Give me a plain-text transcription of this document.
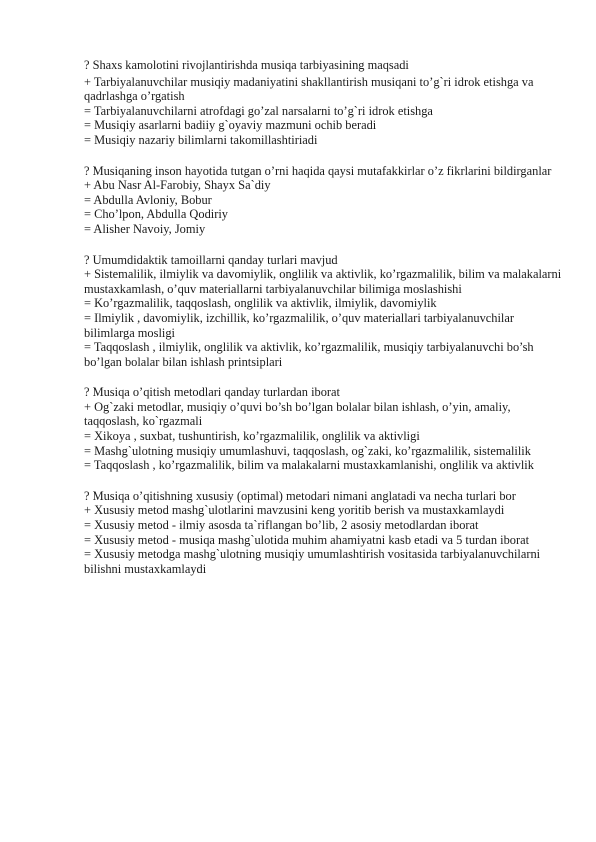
? Shaxs kamolotini rivojlantirishda musiqa tarbiyasining maqsadi

+ Tarbiyalanuvchilar musiqiy madaniyatini shakllantirish musiqani to’g`ri idrok etishga va qadrlashga o’rgatish

= Tarbiyalanuvchilarni atrofdagi go’zal narsalarni to’g`ri idrok etishga

= Musiqiy asarlarni badiiy g`oyaviy mazmuni ochib beradi

= Musiqiy nazariy bilimlarni takomillashtiriadi

? Musiqaning inson hayotida tutgan o’rni haqida qaysi mutafakkirlar o’z fikrlarini bildirganlar

+ Abu Nasr Al-Farobiy, Shayx Sa`diy

= Abdulla Avloniy, Bobur

= Cho’lpon, Abdulla Qodiriy

= Alisher Navoiy, Jomiy

? Umumdidaktik tamoillarni qanday turlari mavjud

+ Sistemalilik, ilmiylik va davomiylik, onglilik va aktivlik, ko’rgazmalilik, bilim va malakalarni mustaxkamlash, o’quv materiallarni tarbiyalanuvchilar bilimiga moslashishi

= Ko’rgazmalilik, taqqoslash, onglilik va aktivlik, ilmiylik, davomiylik

= Ilmiylik , davomiylik, izchillik, ko’rgazmalilik, o’quv materiallari tarbiyalanuvchilar bilimlarga mosligi

= Taqqoslash , ilmiylik, onglilik va aktivlik, ko’rgazmalilik, musiqiy tarbiyalanuvchi bo’sh bo’lgan bolalar bilan ishlash printsiplari

? Musiqa o’qitish metodlari qanday turlardan iborat

+ Og`zaki metodlar, musiqiy o’quvi bo’sh bo’lgan bolalar bilan ishlash, o’yin, amaliy, taqqoslash, ko`rgazmali

= Xikoya , suxbat, tushuntirish, ko’rgazmalilik, onglilik va aktivligi

= Mashg`ulotning musiqiy umumlashuvi, taqqoslash, og`zaki, ko’rgazmalilik, sistemalilik

= Taqqoslash , ko’rgazmalilik, bilim va malakalarni mustaxkamlanishi, onglilik va aktivlik

? Musiqa o’qitishning xususiy (optimal) metodari nimani anglatadi va necha turlari bor

+ Xususiy metod mashg`ulotlarini mavzusini keng yoritib berish va mustaxkamlaydi

= Xususiy metod - ilmiy asosda ta`riflangan bo’lib, 2 asosiy metodlardan iborat

= Xususiy metod - musiqa mashg`ulotida muhim ahamiyatni kasb etadi va 5 turdan iborat

= Xususiy metodga mashg`ulotning musiqiy umumlashtirish vositasida tarbiyalanuvchilarni bilishni mustaxkamlaydi
